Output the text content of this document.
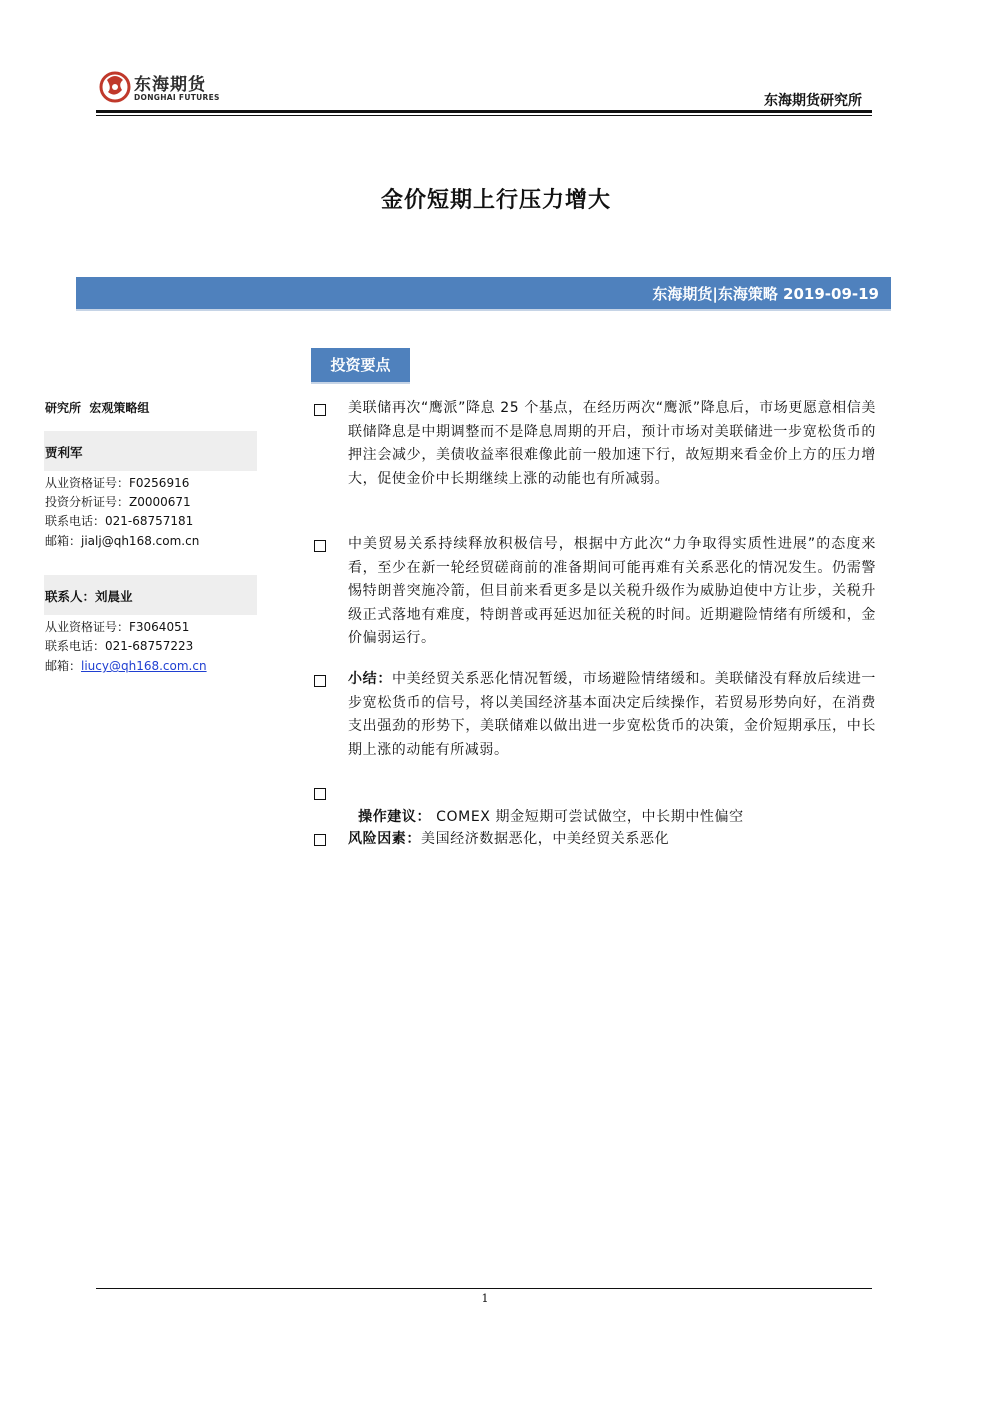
东海期货
DONGHAI FUTURES	东海期货研究所
金价短期上行压力增大
东海期货|东海策略 2019-09-19
投资要点
研究所  宏观策略组
贾利军
从业资格证号：F0256916
投资分析证号：Z0000671
联系电话：021-68757181
邮箱：jialj@qh168.com.cn
联系人：刘晨业
从业资格证号：F3064051
联系电话：021-68757223
邮箱：liucy@qh168.com.cn
美联储再次“鹰派”降息 25 个基点，在经历两次“鹰派”降息后，市场更愿意相信美联储降息是中期调整而不是降息周期的开启，预计市场对美联储进一步宽松货币的押注会减少，美债收益率很难像此前一般加速下行，故短期来看金价上方的压力增大，促使金价中长期继续上涨的动能也有所减弱。
中美贸易关系持续释放积极信号，根据中方此次“力争取得实质性进展”的态度来看，至少在新一轮经贸磋商前的准备期间可能再难有关系恶化的情况发生。仍需警惕特朗普突施冷箭，但目前来看更多是以关税升级作为威胁迫使中方让步，关税升级正式落地有难度，特朗普或再延迟加征关税的时间。近期避险情绪有所缓和，金价偏弱运行。
小结：中美经贸关系恶化情况暂缓，市场避险情绪缓和。美联储没有释放后续进一步宽松货币的信号，将以美国经济基本面决定后续操作，若贸易形势向好，在消费支出强劲的形势下，美联储难以做出进一步宽松货币的决策，金价短期承压，中长期上涨的动能有所减弱。

操作建议： COMEX 期金短期可尝试做空，中长期中性偏空

风险因素：美国经济数据恶化，中美经贸关系恶化
1
